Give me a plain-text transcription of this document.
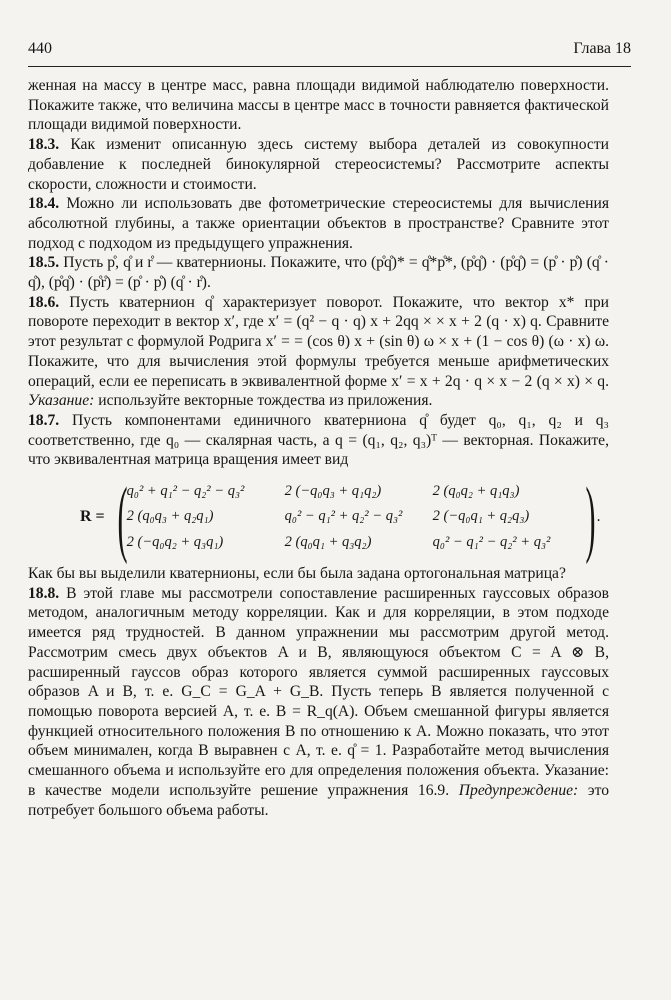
440	Глава 18

женная на массу в центре масс, равна площади видимой наблюдателю поверхности. Покажите также, что величина массы в центре масс в точности равняется фактической площади видимой поверхности.

18.3. Как изменит описанную здесь систему выбора деталей из совокупности добавление к последней бинокулярной стереосистемы? Рассмотрите аспекты скорости, сложности и стоимости.

18.4. Можно ли использовать две фотометрические стереосистемы для вычисления абсолютной глубины, а также ориентации объектов в пространстве? Сравните этот подход с подходом из предыдущего упражнения.

18.5. Пусть p̊, q̊ и r̊ — кватернионы. Покажите, что (p̊q̊)* = q̊*p̊*, (p̊q̊) · (p̊q̊) = (p̊ · p̊) (q̊ · q̊), (p̊q̊) · (p̊r̊) = (p̊ · p̊) (q̊ · r̊).

18.6. Пусть кватернион q̊ характеризует поворот. Покажите, что вектор x* при повороте переходит в вектор x′, где x′ = (q² − q · q) x + 2qq × × x + 2 (q · x) q. Сравните этот результат с формулой Родрига x′ = = (cos θ) x + (sin θ) ω × x + (1 − cos θ) (ω · x) ω. Покажите, что для вычисления этой формулы требуется меньше арифметических операций, если ее переписать в эквивалентной форме x′ = x + 2q · q × x − 2 (q × x) × q. Указание: используйте векторные тождества из приложения.

18.7. Пусть компонентами единичного кватерниона q̊ будет q₀, q₁, q₂ и q₃ соответственно, где q₀ — скалярная часть, а q = (q₁, q₂, q₃)ᵀ — векторная. Покажите, что эквивалентная матрица вращения имеет вид

R = ( q₀² + q₁² − q₂² − q₃²	2 (−q₀q₃ + q₁q₂)	2 (q₀q₂ + q₁q₃)
2 (q₀q₃ + q₂q₁)	q₀² − q₁² + q₂² − q₃²	2 (−q₀q₁ + q₂q₃)
2 (−q₀q₂ + q₃q₁)	2 (q₀q₁ + q₃q₂)	q₀² − q₁² − q₂² + q₃² ) .

Как бы вы выделили кватернионы, если бы была задана ортогональная матрица?

18.8. В этой главе мы рассмотрели сопоставление расширенных гауссовых образов методом, аналогичным методу корреляции. Как и для корреляции, в этом подходе имеется ряд трудностей. В данном упражнении мы рассмотрим другой метод. Рассмотрим смесь двух объектов A и B, являющуюся объектом C = A ⊗ B, расширенный гауссов образ которого является суммой расширенных гауссовых образов A и B, т. е. G_C = G_A + G_B. Пусть теперь B является полученной с помощью поворота версией A, т. е. B = R_q(A). Объем смешанной фигуры является функцией относительного положения B по отношению к A. Можно показать, что этот объем минимален, когда B выравнен с A, т. е. q̊ = 1. Разработайте метод вычисления смешанного объема и используйте его для определения положения объекта. Указание: в качестве модели используйте решение упражнения 16.9. Предупреждение: это потребует большого объема работы.
